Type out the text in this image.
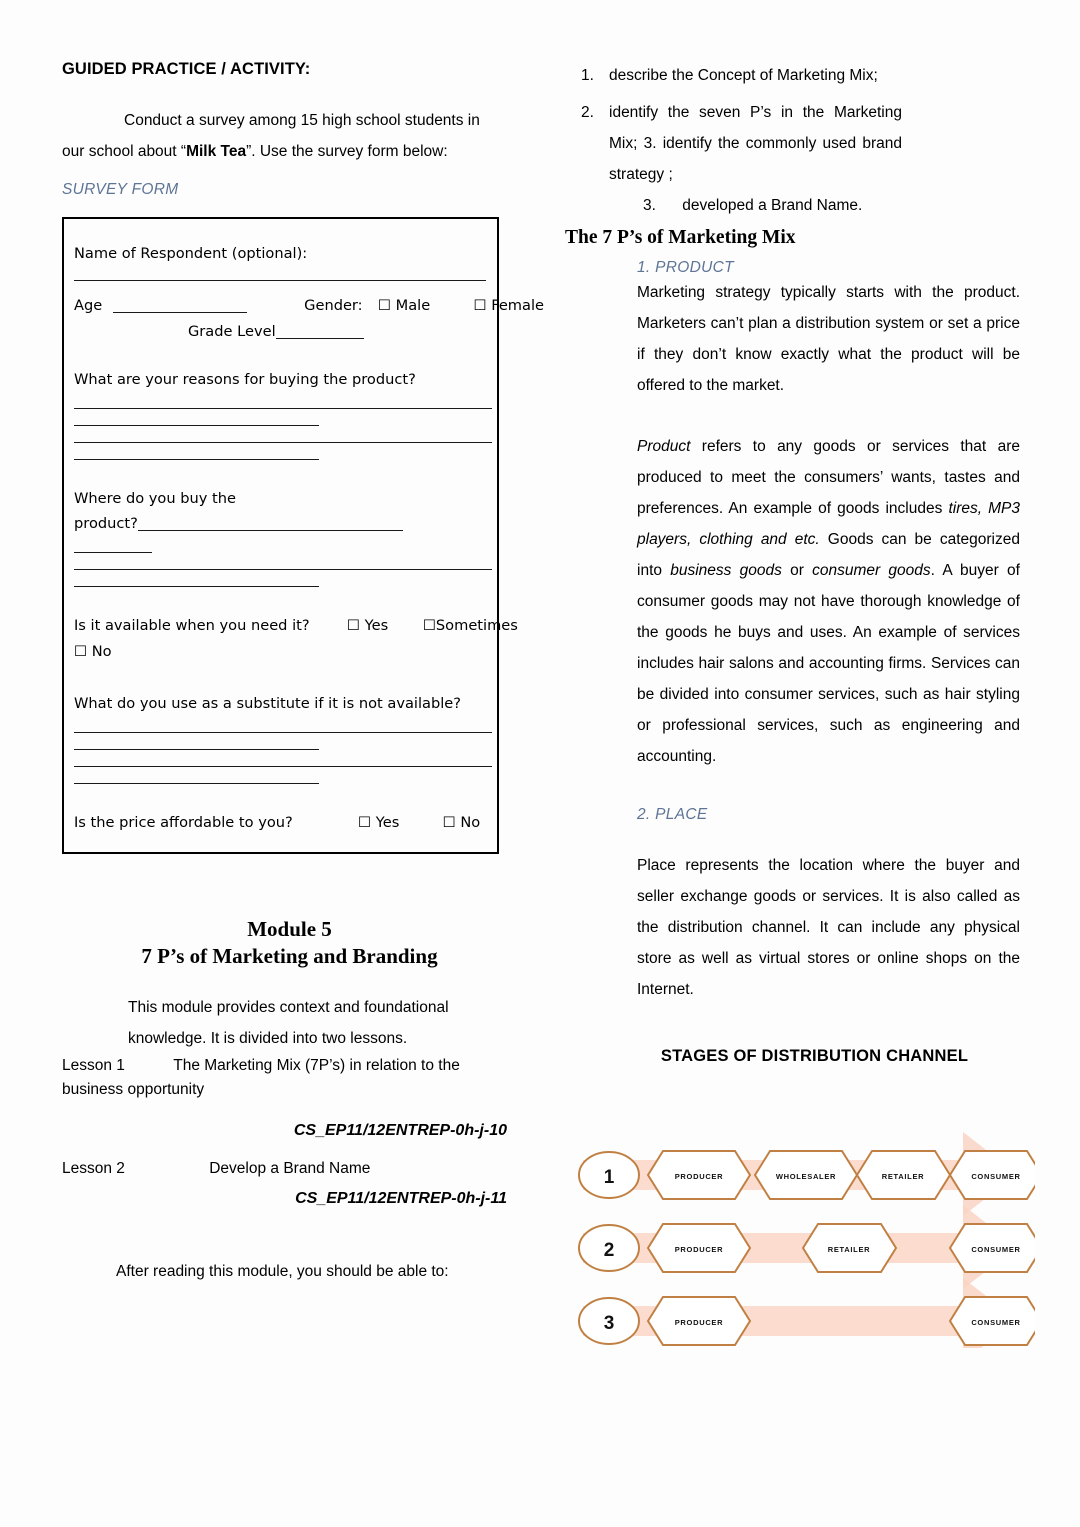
GUIDED PRACTICE / ACTIVITY:
Conduct a survey among 15 high school students in
our school about “Milk Tea”. Use the survey form below:
SURVEY FORM
Name of Respondent (optional):
Age	Gender: ☐ Male ☐	Female
Grade Level
What are your reasons for buying the product?
Where do you buy the
product?
Is it available when you need it? ☐	Yes ☐	Sometimes
☐ No
What do you use as a substitute if it is not available?
Is the price affordable to you? ☐	Yes ☐	No
Module 5
7 P’s of Marketing and Branding
This module provides context and foundational
knowledge. It is divided into two lessons.
Lesson 1	The Marketing Mix (7P’s) in relation to the
business opportunity
CS_EP11/12ENTREP-0h-j-10
Lesson 2	Develop a Brand Name
CS_EP11/12ENTREP-0h-j-11
After reading this module, you should be able to:
1. describe the Concept of Marketing Mix;
2. identify the seven P’s in the Marketing Mix; 3. identify the commonly used brand strategy ;
3. developed a Brand Name.
The 7 P’s of Marketing Mix
1. PRODUCT
Marketing strategy typically starts with the product. Marketers can’t plan a distribution system or set a price if they don’t know exactly what the product will be offered to the market.
Product refers to any goods or services that are produced to meet the consumers’ wants, tastes and preferences. An example of goods includes tires, MP3 players, clothing and etc. Goods can be categorized into business goods or consumer goods. A buyer of consumer goods may not have thorough knowledge of the goods he buys and uses. An example of services includes hair salons and accounting firms. Services can be divided into consumer services, such as hair styling or professional services, such as engineering and accounting.
2. PLACE
Place represents the location where the buyer and seller exchange goods or services. It is also called as the distribution channel. It can include any physical store as well as virtual stores or online shops on the Internet.
STAGES OF DISTRIBUTION CHANNEL
1	PRODUCER	WHOLESALER	RETAILER	CONSUMER
2	PRODUCER	RETAILER	CONSUMER
3	PRODUCER	CONSUMER
